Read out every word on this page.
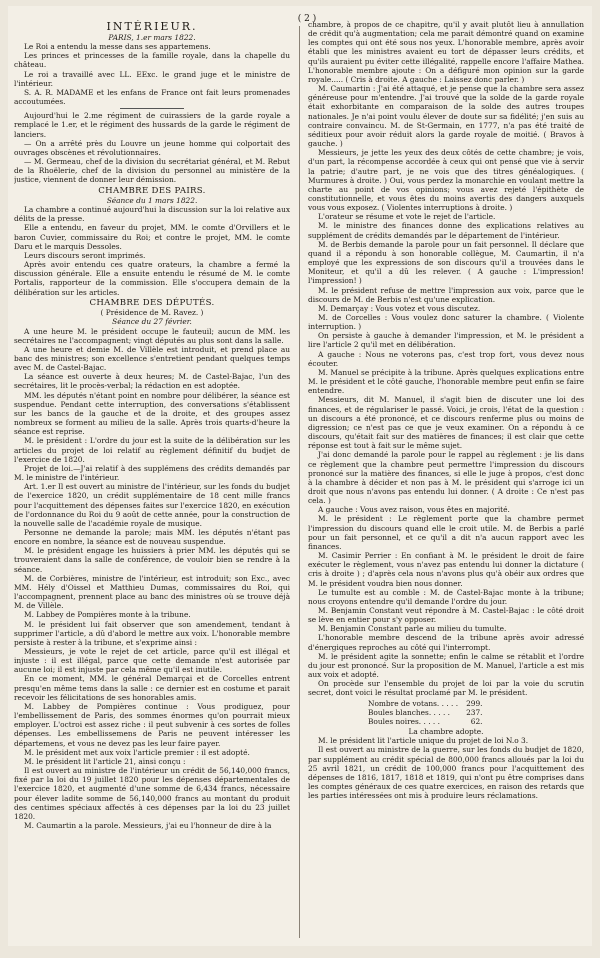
( 2 )
INTÉRIEUR.
PARIS, 1.er mars 1822.

Le Roi a entendu la messe dans ses appartemens.

Les princes et princesses de la famille royale, dans la chapelle du château.

Le roi a travaillé avec LL. EExc. le grand juge et le ministre de l'intérieur.

S. A. R. MADAME et les enfans de France ont fait leurs promenades accoutumées.

Aujourd'hui le 2.me régiment de cuirassiers de la garde royale a remplacé le 1.er, et le régiment des hussards de la garde le régiment de lanciers.

— On a arrêté près du Louvre un jeune homme qui colportait des ouvrages obscènes et révolutionnaires.

— M. Germeau, chef de la division du secrétariat général, et M. Rebut de la Rhoëlerie, chef de la division du personnel au ministère de la justice, viennent de donner leur démission.

CHAMBRE DES PAIRS.
Séance du 1 mars 1822.

La chambre a continué aujourd'hui la discussion sur la loi relative aux délits de la presse.

Elle a entendu, en faveur du projet, MM. le comte d'Orvillers et le baron Cuvier, commissaire du Roi; et contre le projet, MM. le comte Daru et le marquis Dessoles.

Leurs discours seront imprimés.

Après avoir entendu ces quatre orateurs, la chambre a fermé la discussion générale. Elle a ensuite entendu le résumé de M. le comte Portalis, rapporteur de la commission. Elle s'occupera demain de la délibération sur les articles.

CHAMBRE DES DÉPUTÉS.
( Présidence de M. Ravez. )
Séance du 27 février.

A une heure M. le président occupe le fauteuil; aucun de MM. les secrétaires ne l'accompagnent; vingt députés au plus sont dans la salle.

A une heure et demie M. de Villèle est introduit, et prend place au banc des ministres; son excellence s'entretient pendant quelques temps avec M. de Castel-Bajac.

La séance est ouverte à deux heures; M. de Castel-Bajac, l'un des secrétaires, lit le procès-verbal; la rédaction en est adoptée.

MM. les députés n'étant point en nombre pour délibérer, la séance est suspendue. Pendant cette interruption, des conversations s'établissent sur les bancs de la gauche et de la droite, et des groupes assez nombreux se forment au milieu de la salle. Après trois quarts-d'heure la séance est reprise.

M. le président : L'ordre du jour est la suite de la délibération sur les articles du projet de loi relatif au règlement définitif du budjet de l'exercice de 1820.

Projet de loi.—J'ai relatif à des supplémens des crédits demandés par M. le ministre de l'intérieur.

Art. 1.er Il est ouvert au ministre de l'intérieur, sur les fonds du budjet de l'exercice 1820, un crédit supplémentaire de 18 cent mille francs pour l'acquittement des dépenses faites sur l'exercice 1820, en exécution de l'ordonnance du Roi du 9 août de cette année, pour la construction de la nouvelle salle de l'académie royale de musique.

Personne ne demande la parole; mais MM. les députés n'étant pas encore en nombre, la séance est de nouveau suspendue.

M. le président engage les huissiers à prier MM. les députés qui se trouveraient dans la salle de conférence, de vouloir bien se rendre à la séance.

M. de Corbières, ministre de l'intérieur, est introduit; son Exc., avec MM. Hély d'Oissel et Matthieu Dumas, commissaires du Roi, qui l'accompagnent, prennent place au banc des ministres où se trouve déjà M. de Villèle.

M. Labbey de Pompières monte à la tribune.

M. le président lui fait observer que son amendement, tendant à supprimer l'article, a dû d'abord le mettre aux voix. L'honorable membre persiste à rester à la tribune, et s'exprime ainsi :

Messieurs, je vote le rejet de cet article, parce qu'il est illégal et injuste : il est illégal, parce que cette demande n'est autorisée par aucune loi; il est injuste par cela même qu'il est inutile.

En ce moment, MM. le général Demarçai et de Corcelles entrent presqu'en même tems dans la salle : ce dernier est en costume et parait recevoir les félicitations de ses honorables amis.

M. Labbey de Pompières continue : Vous prodiguez, pour l'embellissement de Paris, des sommes énormes qu'on pourrait mieux employer. L'octroi est assez riche : il peut subvenir à ces sortes de folles dépenses. Les embellissemens de Paris ne peuvent intéresser les départemens, et vous ne devez pas les leur faire payer.

M. le président met aux voix l'article premier : il est adopté.

M. le président lit l'article 21, ainsi conçu :

Il est ouvert au ministre de l'intérieur un crédit de 56,140,000 francs, fixé par la loi du 19 juillet 1820 pour les dépenses départementales de l'exercice 1820, et augmenté d'une somme de 6,434 francs, nécessaire pour élever ladite somme de 56,140,000 francs au montant du produit des centimes spéciaux affectés à ces dépenses par la loi du 23 juillet 1820.

M. Caumartin a la parole. Messieurs, j'ai eu l'honneur de dire à la

chambre, à propos de ce chapitre, qu'il y avait plutôt lieu à annullation de crédit qu'à augmentation; cela me parait démontré quand on examine les comptes qui ont été sous nos yeux. L'honorable membre, après avoir établi que les ministres avaient eu tort de dépasser leurs crédits, et qu'ils auraient pu éviter cette illégalité, rappelle encore l'affaire Mathea. L'honorable membre ajoute : On a défiguré mon opinion sur la garde royale..... ( Cris à droite. A gauche : Laissez donc parler. )

M. Caumartin : J'ai été attaqué, et je pense que la chambre sera assez généreuse pour m'entendre. J'ai trouvé que la solde de la garde royale était exhorbitante en comparaison de la solde des autres troupes nationales. Je n'ai point voulu élever de doute sur sa fidélité; j'en suis au contraire convaincu. M. de St-Germain, en 1777, n'a pas été traité de séditieux pour avoir réduit alors la garde royale de moitié. ( Bravos à gauche. )

Messieurs, je jette les yeux des deux côtés de cette chambre; je vois, d'un part, la récompense accordée à ceux qui ont pensé que vie à servir la patrie; d'autre part, je ne vois que des titres généalogiques. ( Murmures à droite. ) Oui, vous perdez la monarchie en voulant mettre la charte au point de vos opinions; vous avez rejeté l'épithète de constitutionnelle, et vous êtes du moins avertis des dangers auxquels vous vous exposez. ( Violentes interruptions à droite. )

L'orateur se résume et vote le rejet de l'article.

M. le ministre des finances donne des explications relatives au supplément de crédits demandés par le département de l'intérieur.

M. de Berbis demande la parole pour un fait personnel. Il déclare que quand il a répondu à son honorable collègue, M. Caumartin, il n'a employé que les expressions de son discours qu'il a trouvées dans le Moniteur, et qu'il a dû les relever. ( A gauche : L'impression! l'impression! )

M. le président refuse de mettre l'impression aux voix, parce que le discours de M. de Berbis n'est qu'une explication.

M. Demarçay : Vous votez et vous discutez.

M. de Corcelles : Vous voulez donc saturer la chambre. ( Violente interruption. )

On persiste à gauche à demander l'impression, et M. le président a lire l'article 2 qu'il met en délibération.

A gauche : Nous ne voterons pas, c'est trop fort, vous devez nous écouter.

M. Manuel se précipite à la tribune. Après quelques explications entre M. le président et le côté gauche, l'honorable membre peut enfin se faire entendre.

Messieurs, dit M. Manuel, il s'agit bien de discuter une loi des finances, et de régulariser le passé. Voici, je crois, l'état de la question : un discours a été prononcé, et ce discours renferme plus ou moins de digression; ce n'est pas ce que je veux examiner. On a répondu à ce discours, qu'était fait sur des matières de finances; il est clair que cette réponse est tout à fait sur le même sujet.

J'ai donc demandé la parole pour le rappel au règlement : je lis dans ce règlement que la chambre peut permettre l'impression du discours prononcé sur la matière des finances, si elle le juge à propos, c'est donc à la chambre à décider et non pas à M. le président qui s'arroge ici un droit que nous n'avons pas entendu lui donner. ( A droite : Ce n'est pas cela. )

A gauche : Vous avez raison, vous êtes en majorité.

M. le président : Le règlement porte que la chambre permet l'impression du discours quand elle le croit utile. M. de Berbis a parlé pour un fait personnel, et ce qu'il a dit n'a aucun rapport avec les finances.

M. Casimir Perrier : En confiant à M. le président le droit de faire exécuter le règlement, vous n'avez pas entendu lui donner la dictature ( cris à droite ) ; d'après cela nous n'avons plus qu'à obéir aux ordres que M. le président voudra bien nous donner.

Le tumulte est au comble : M. de Castel-Bajac monte à la tribune; nous croyons entendre qu'il demande l'ordre du jour.

M. Benjamin Constant veut répondre à M. Castel-Bajac : le côté droit se lève en entier pour s'y opposer.

M. Benjamin Constant parle au milieu du tumulte.

L'honorable membre descend de la tribune après avoir adressé d'énergiques reproches au côté qui l'interrompt.

M. le président agite la sonnette; enfin le calme se rétablit et l'ordre du jour est prononcé. Sur la proposition de M. Manuel, l'article a est mis aux voix et adopté.

On procède sur l'ensemble du projet de loi par la voie du scrutin secret, dont voici le résultat proclamé par M. le président.

Nombre de votans. . . . .	299.
Boules blanches. . . . .	237.
Boules noires. . . . .	62.
La chambre adopte.

M. le président lit l'article unique du projet de loi N.o 3.

Il est ouvert au ministre de la guerre, sur les fonds du budjet de 1820, par supplément au crédit spécial de 800,000 francs alloués par la loi du 25 avril 1821, un crédit de 100,000 francs pour l'acquittement des dépenses de 1816, 1817, 1818 et 1819, qui n'ont pu être comprises dans les comptes généraux de ces quatre exercices, en raison des retards que les parties intéressées ont mis à produire leurs réclamations.
